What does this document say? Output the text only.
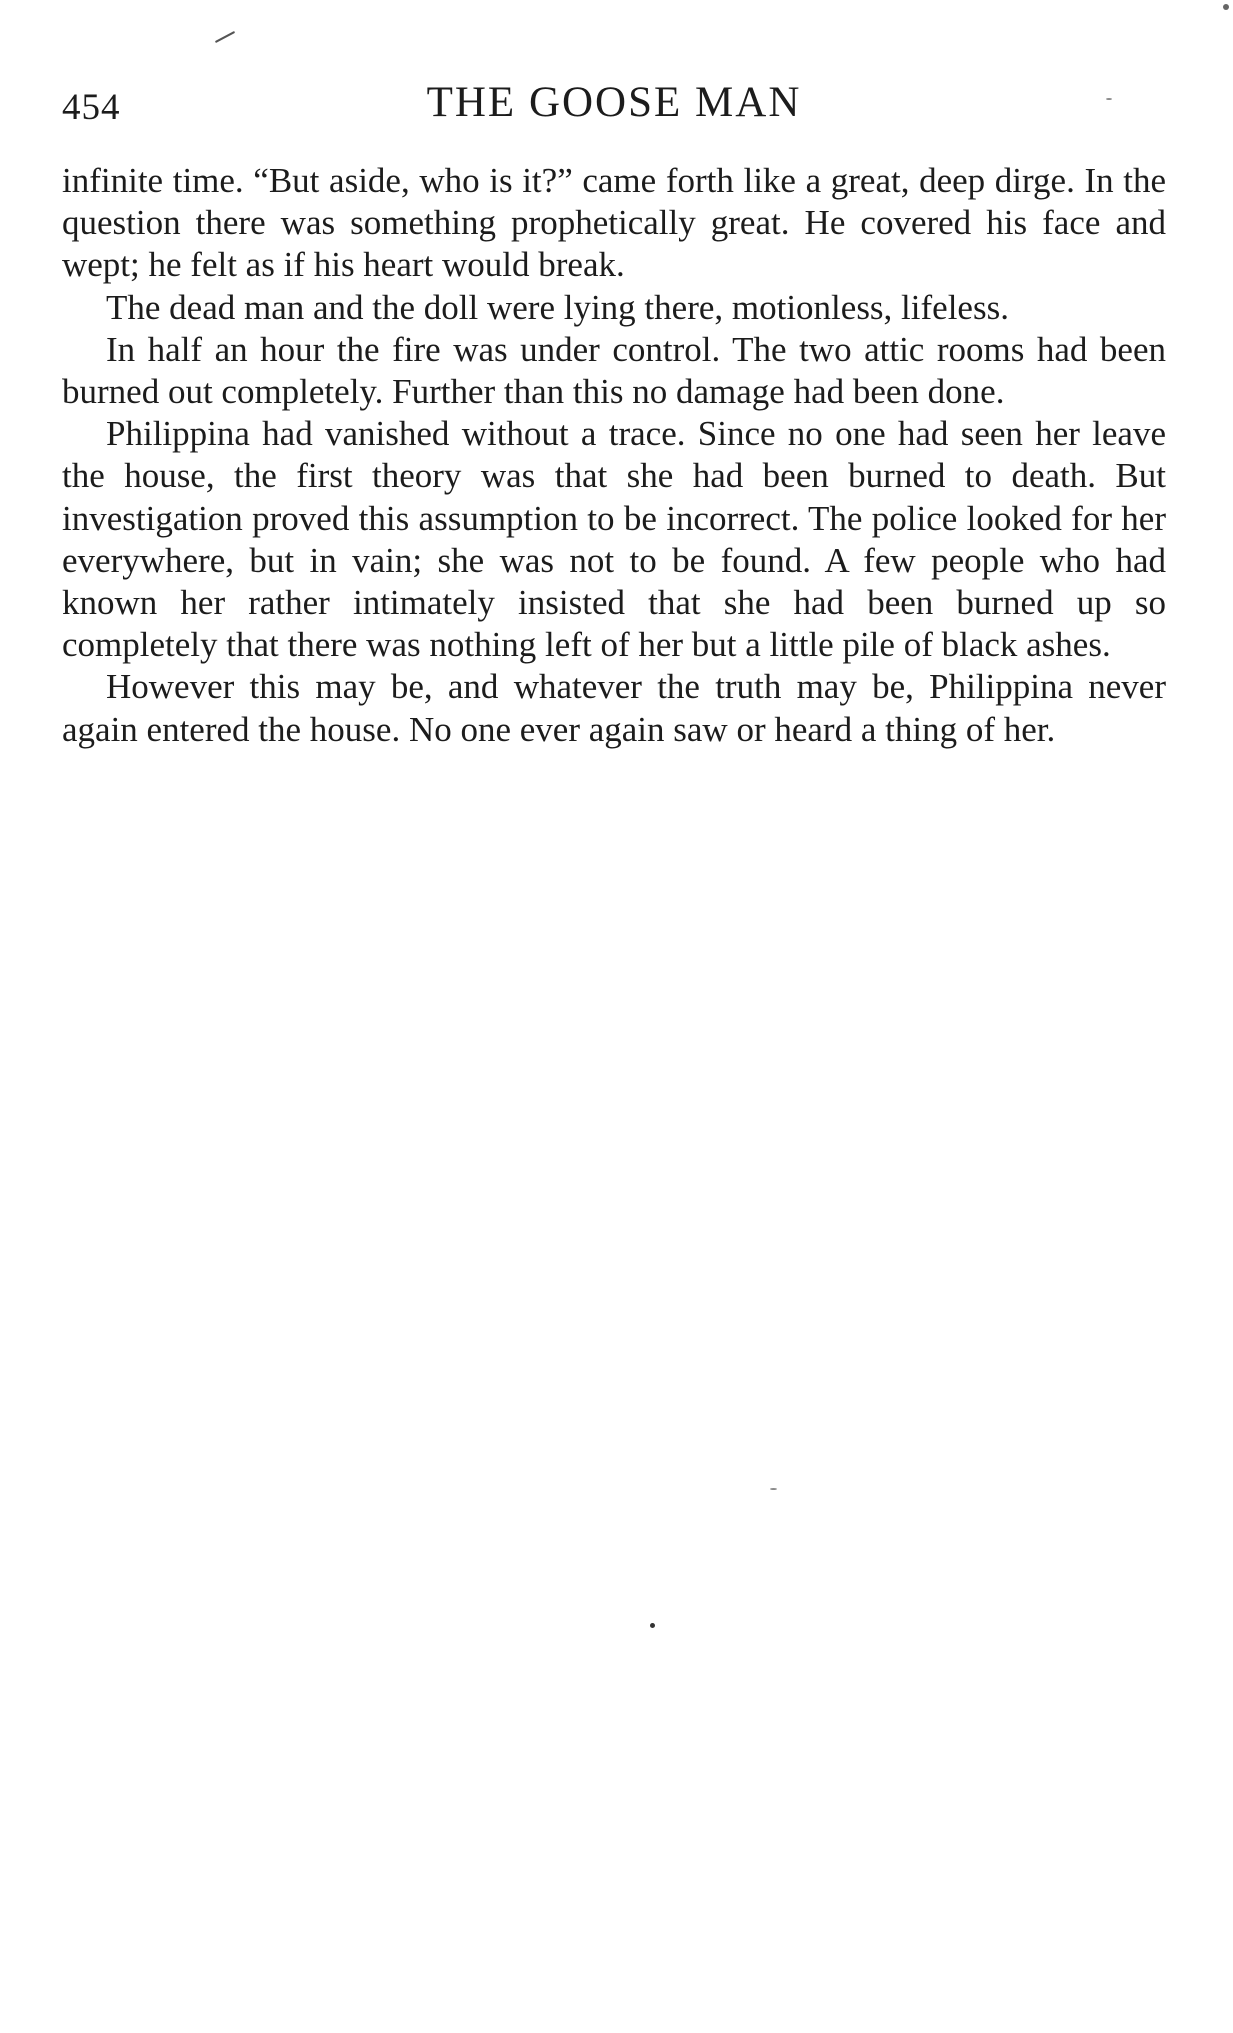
454	THE GOOSE MAN

infinite time. “But aside, who is it?” came forth like a great, deep dirge. In the question there was something prophetically great. He covered his face and wept; he felt as if his heart would break.

The dead man and the doll were lying there, motionless, lifeless.

In half an hour the fire was under control. The two attic rooms had been burned out completely. Further than this no damage had been done.

Philippina had vanished without a trace. Since no one had seen her leave the house, the first theory was that she had been burned to death. But investigation proved this assumption to be incorrect. The police looked for her everywhere, but in vain; she was not to be found. A few people who had known her rather intimately insisted that she had been burned up so completely that there was nothing left of her but a little pile of black ashes.

However this may be, and whatever the truth may be, Philippina never again entered the house. No one ever again saw or heard a thing of her.
